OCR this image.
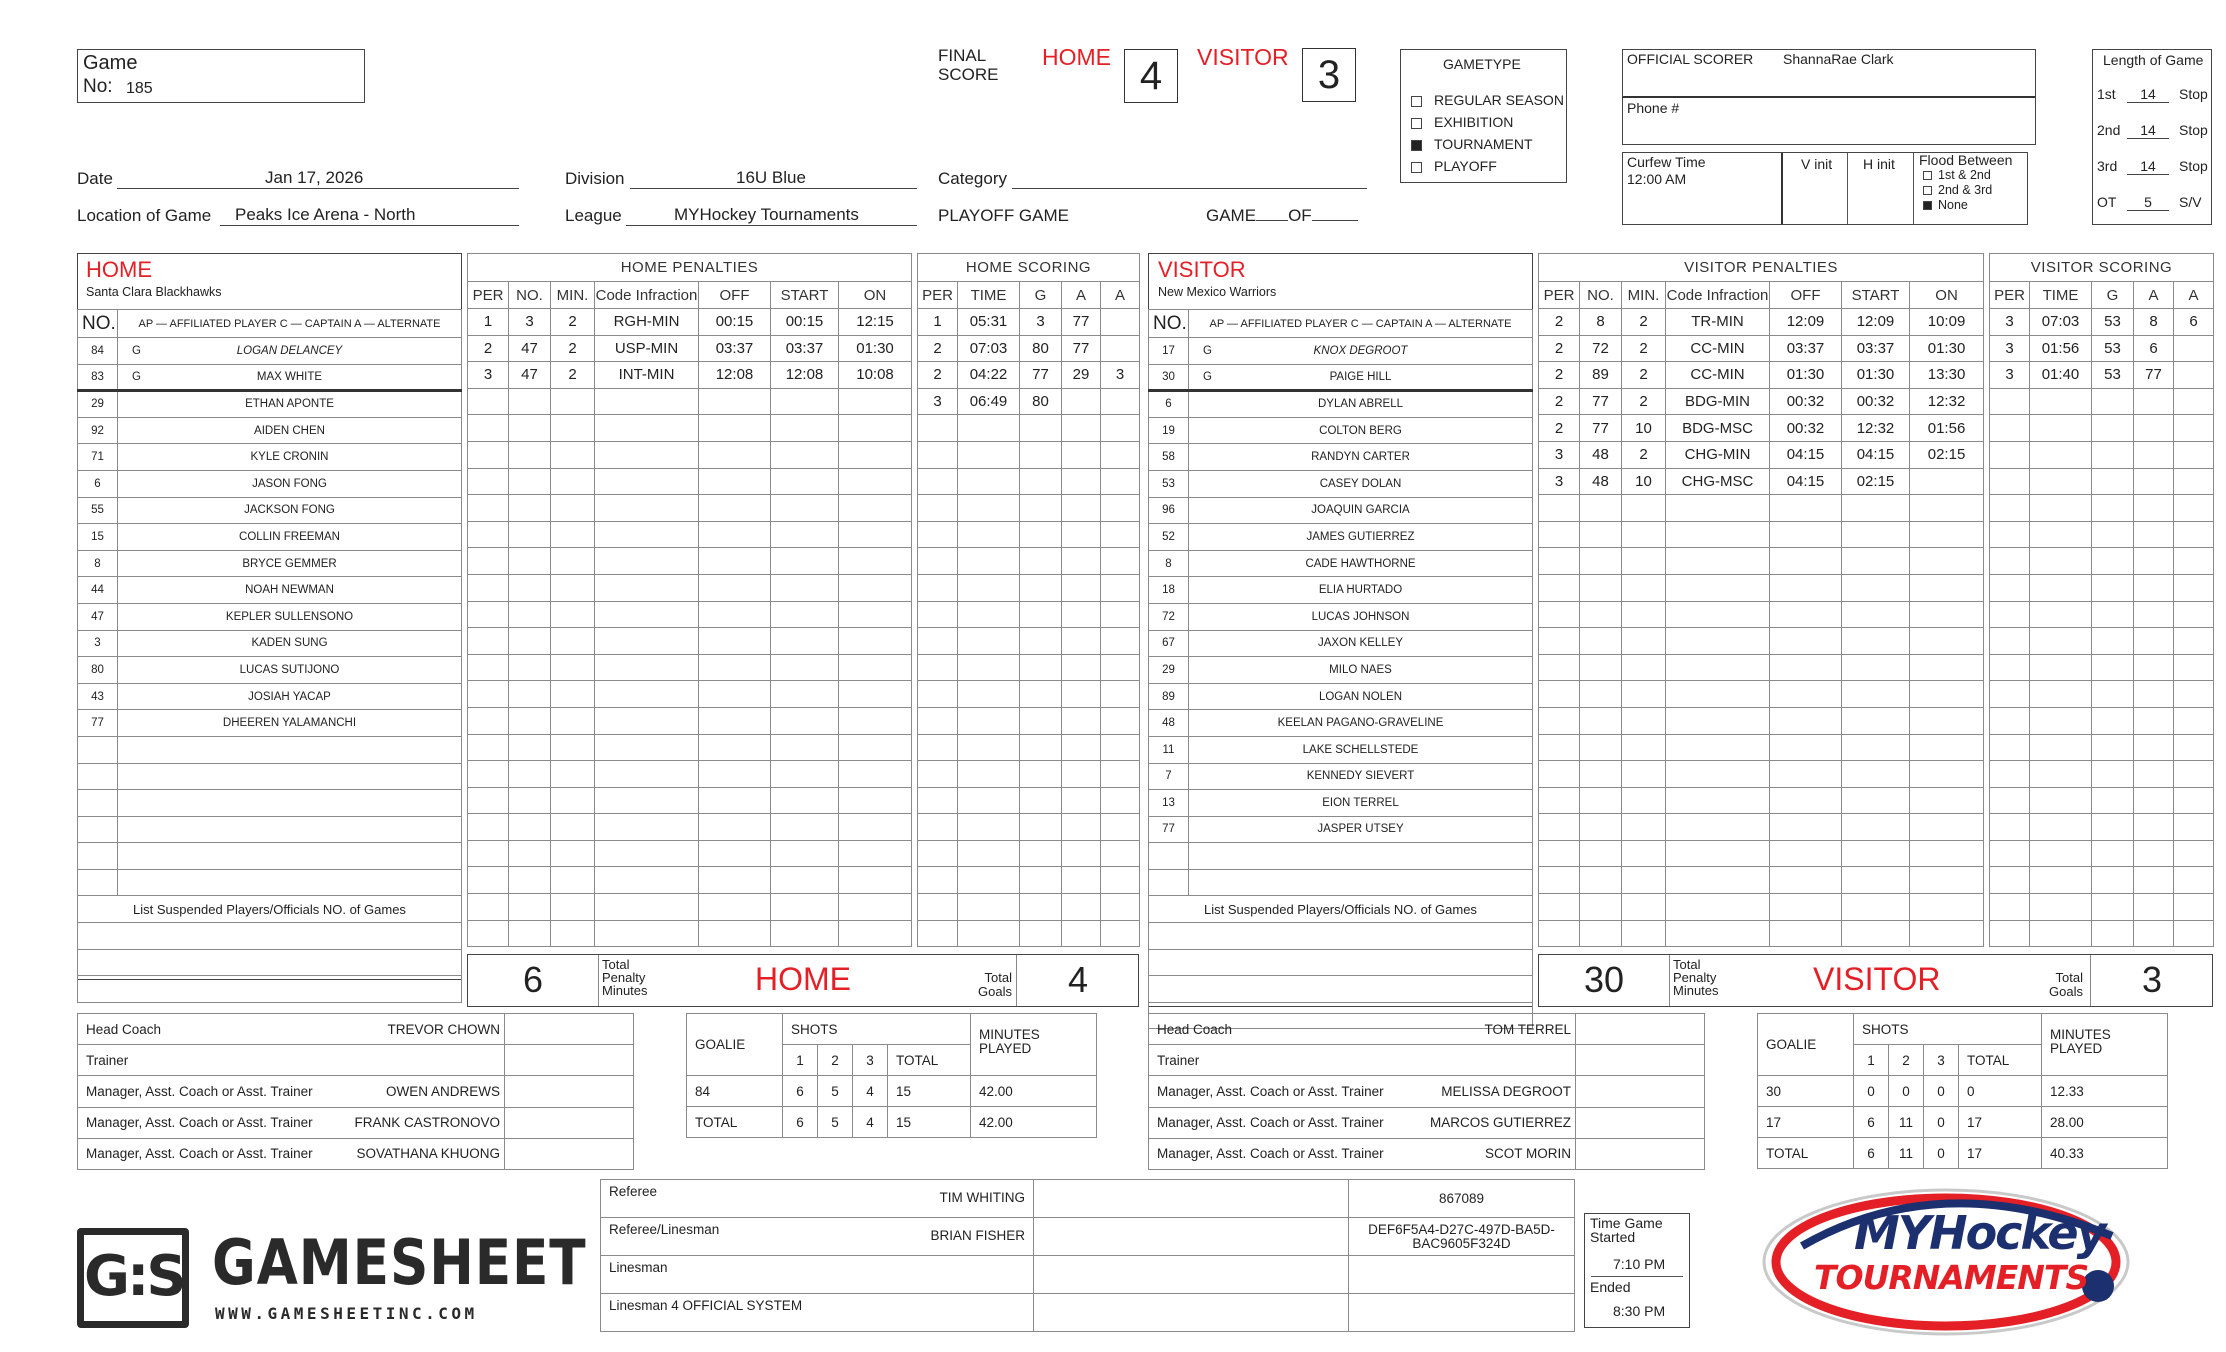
Game
No: 185
FINAL
SCORE
HOME 4	VISITOR 3	GAMETYPE
REGULAR SEASON
EXHIBITION
TOURNAMENT
PLAYOFF
OFFICIAL SCORER ShannaRae Clark
Phone #
Curfew Time
12:00 AM
V init H init Flood Between
1st & 2nd
2nd & 3rd
None
Length of Game
1st	14	Stop
2nd	14	Stop
3rd	14	Stop
OT	5	S/V
Date	Jan 17, 2026	Division	16U Blue	Category
Location of Game Peaks Ice Arena - North	League	MYHockey Tournaments	PLAYOFF GAME	GAME OF
HOME
Santa Clara Blackhawks
NO.	AP — AFFILIATED PLAYER C — CAPTAIN A — ALTERNATE
84	G LOGAN DELANCEY
83	G MAX WHITE
29	ETHAN APONTE
92	AIDEN CHEN
71	KYLE CRONIN
6	JASON FONG
55	JACKSON FONG
15	COLLIN FREEMAN
8	BRYCE GEMMER
44	NOAH NEWMAN
47	KEPLER SULLENSONO
3	KADEN SUNG
80	LUCAS SUTIJONO
43	JOSIAH YACAP
77	DHEEREN YALAMANCHI

List Suspended Players/Officials NO. of Games	

HOME PENALTIES						
PER	NO.	MIN.	Code Infraction	OFF	START	ON
1	3	2	RGH-MIN	00:15	00:15	12:15
2	47	2	USP-MIN	03:37	03:37	01:30
3	47	2	INT-MIN	12:08	12:08	10:08

HOME SCORING				
PER	TIME	G	A	A
1	05:31	3	77	
2	07:03	80	77	
2	04:22	77	29	3
3	06:49	80		

6	Total
Penalty
Minutes	HOME	Total
Goals	4
VISITOR
New Mexico Warriors
NO.	AP — AFFILIATED PLAYER C — CAPTAIN A — ALTERNATE
17	G KNOX DEGROOT
30	G PAIGE HILL
6	DYLAN ABRELL
19	COLTON BERG
58	RANDYN CARTER
53	CASEY DOLAN
96	JOAQUIN GARCIA
52	JAMES GUTIERREZ
8	CADE HAWTHORNE
18	ELIA HURTADO
72	LUCAS JOHNSON
67	JAXON KELLEY
29	MILO NAES
89	LOGAN NOLEN
48	KEELAN PAGANO-GRAVELINE
11	LAKE SCHELLSTEDE
7	KENNEDY SIEVERT
13	EION TERREL
77	JASPER UTSEY

List Suspended Players/Officials NO. of Games	

VISITOR PENALTIES						
PER	NO.	MIN.	Code Infraction	OFF	START	ON
2	8	2	TR-MIN	12:09	12:09	10:09
2	72	2	CC-MIN	03:37	03:37	01:30
2	89	2	CC-MIN	01:30	01:30	13:30
2	77	2	BDG-MIN	00:32	00:32	12:32
2	77	10	BDG-MSC	00:32	12:32	01:56
3	48	2	CHG-MIN	04:15	04:15	02:15
3	48	10	CHG-MSC	04:15	02:15	

VISITOR SCORING				
PER	TIME	G	A	A
3	07:03	53	8	6
3	01:56	53	6	
3	01:40	53	77	

30	Total
Penalty
Minutes	VISITOR	Total
Goals	3
Head Coach TREVOR CHOWN	

Trainer

Manager, Asst. Coach or Asst. Trainer OWEN ANDREWS	

Manager, Asst. Coach or Asst. Trainer FRANK CASTRONOVO	

Manager, Asst. Coach or Asst. Trainer SOVATHANA KHUONG	

GOALIE	SHOTS				MINUTES
PLAYED

	1	2	3	TOTAL	
84	6	5	4	15	42.00
TOTAL	6	5	4	15	42.00
Head Coach TOM TERREL	

Trainer

Manager, Asst. Coach or Asst. Trainer MELISSA DEGROOT	

Manager, Asst. Coach or Asst. Trainer MARCOS GUTIERREZ	

Manager, Asst. Coach or Asst. Trainer SCOT MORIN	

GOALIE	SHOTS				MINUTES
PLAYED

	1	2	3	TOTAL	
30	0	0	0	0	12.33
17	6	11	0	17	28.00
TOTAL	6	11	0	17	40.33
Referee TIM WHITING		867089
Referee/Linesman BRIAN FISHER		DEF6F5A4-D27C-497D-BA5D-BAC9605F324D
Linesman

Linesman 4 OFFICIAL SYSTEM

Time Game
Started
7:10 PM
Ended
8:30 PM
G:S GAMESHEET
WWW.GAMESHEETINC.COM
MYHockey
TOURNAMENTS
